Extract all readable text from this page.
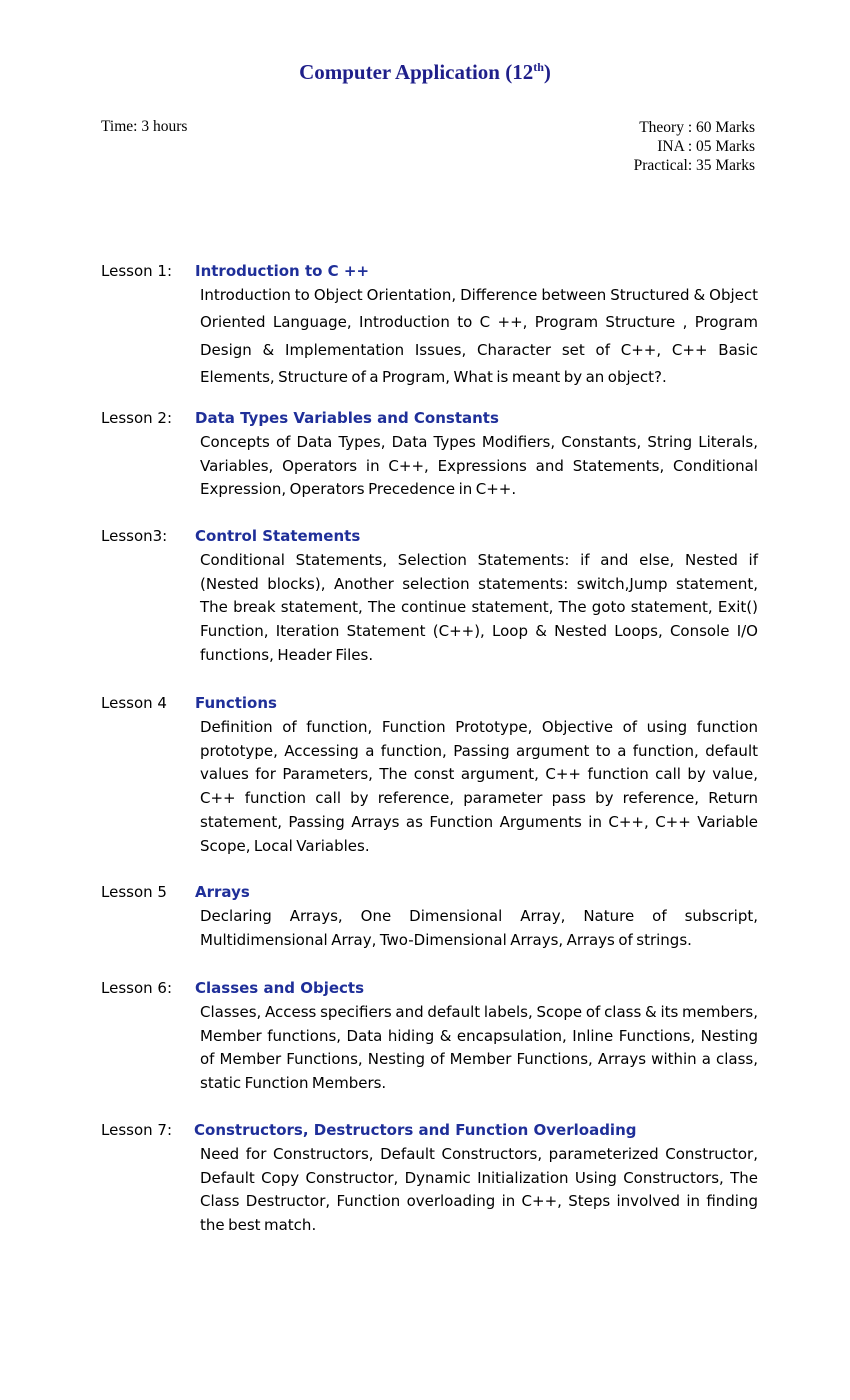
Computer Application (12th)
Time: 3 hours	Theory : 60 Marks
INA : 05 Marks
Practical: 35 Marks
Lesson 1: Introduction to C ++
Introduction to Object Orientation, Difference between Structured & Object Oriented Language, Introduction to C ++, Program Structure , Program Design & Implementation Issues, Character set of C++, C++ Basic Elements, Structure of a Program, What is meant by an object?.
Lesson 2: Data Types Variables and Constants
Concepts of Data Types, Data Types Modifiers, Constants, String Literals, Variables, Operators in C++, Expressions and Statements, Conditional Expression, Operators Precedence in C++.
Lesson3: Control Statements
Conditional Statements, Selection Statements: if and else, Nested if (Nested blocks), Another selection statements: switch,Jump statement, The break statement, The continue statement, The goto statement, Exit() Function, Iteration Statement (C++), Loop & Nested Loops, Console I/O functions, Header Files.
Lesson 4 Functions
Definition of function, Function Prototype, Objective of using function prototype, Accessing a function, Passing argument to a function, default values for Parameters, The const argument, C++ function call by value, C++ function call by reference, parameter pass by reference, Return statement, Passing Arrays as Function Arguments in C++, C++ Variable Scope, Local Variables.
Lesson 5 Arrays
Declaring Arrays, One Dimensional Array, Nature of subscript, Multidimensional Array, Two-Dimensional Arrays, Arrays of strings.
Lesson 6: Classes and Objects
Classes, Access specifiers and default labels, Scope of class & its members, Member functions, Data hiding & encapsulation, Inline Functions, Nesting of Member Functions, Nesting of Member Functions, Arrays within a class, static Function Members.
Lesson 7: Constructors, Destructors and Function Overloading
Need for Constructors, Default Constructors, parameterized Constructor, Default Copy Constructor, Dynamic Initialization Using Constructors, The Class Destructor, Function overloading in C++, Steps involved in finding the best match.
